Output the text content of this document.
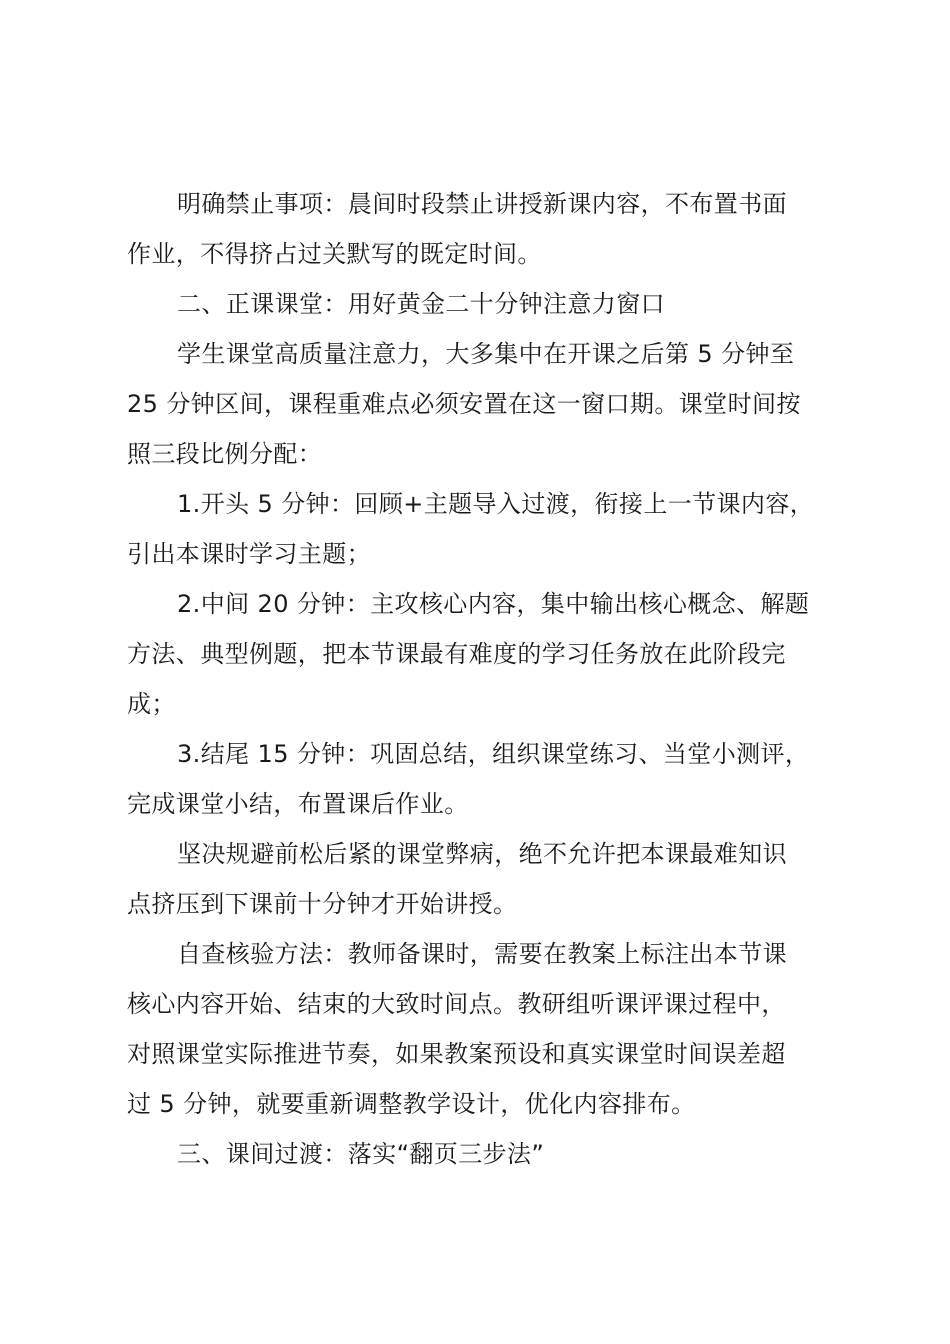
明确禁止事项：晨间时段禁止讲授新课内容，不布置书面
作业，不得挤占过关默写的既定时间。
二、正课课堂：用好黄金二十分钟注意力窗口
学生课堂高质量注意力，大多集中在开课之后第 5 分钟至
25 分钟区间，课程重难点必须安置在这一窗口期。课堂时间按
照三段比例分配：
1.开头 5 分钟：回顾+主题导入过渡，衔接上一节课内容，
引出本课时学习主题；
2.中间 20 分钟：主攻核心内容，集中输出核心概念、解题
方法、典型例题，把本节课最有难度的学习任务放在此阶段完
成；
3.结尾 15 分钟：巩固总结，组织课堂练习、当堂小测评，
完成课堂小结，布置课后作业。
坚决规避前松后紧的课堂弊病，绝不允许把本课最难知识
点挤压到下课前十分钟才开始讲授。
自查核验方法：教师备课时，需要在教案上标注出本节课
核心内容开始、结束的大致时间点。教研组听课评课过程中，
对照课堂实际推进节奏，如果教案预设和真实课堂时间误差超
过 5 分钟，就要重新调整教学设计，优化内容排布。
三、课间过渡：落实“翻页三步法”
